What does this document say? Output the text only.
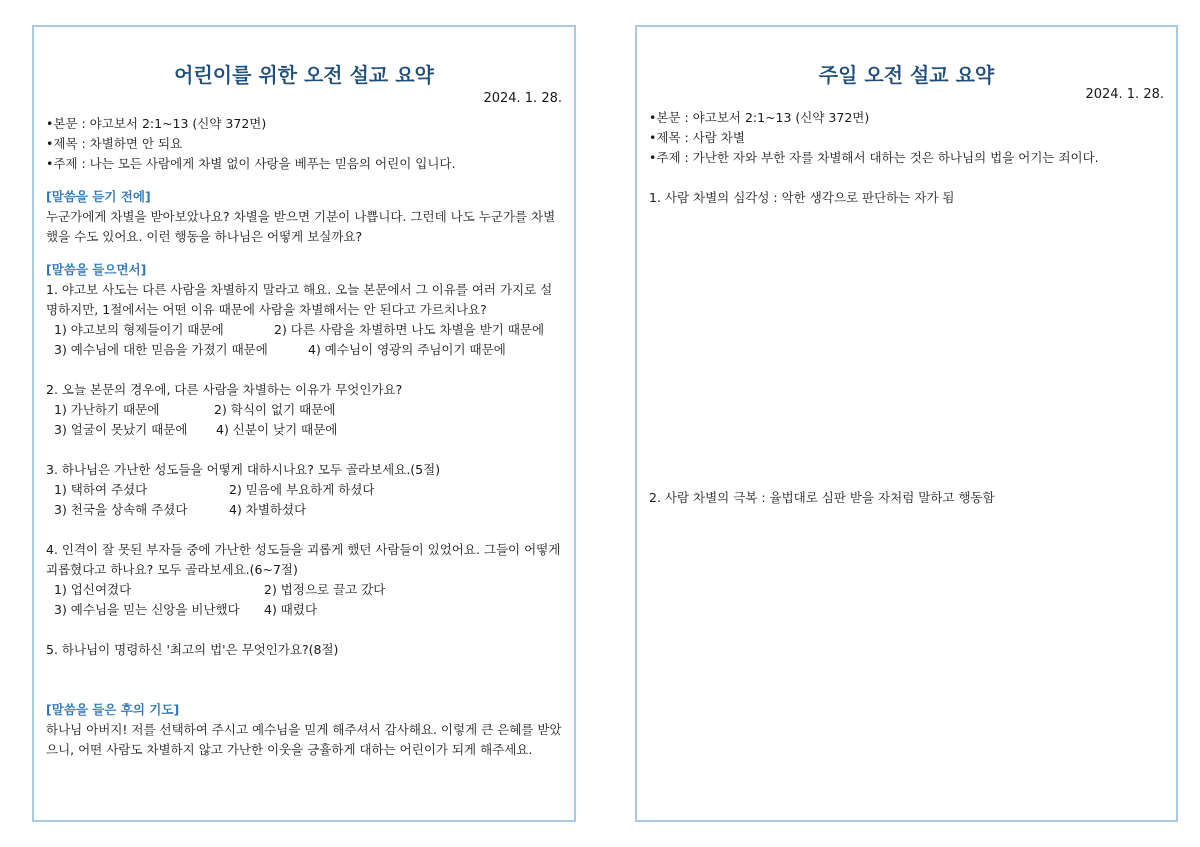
어린이를 위한 오전 설교 요약
2024. 1. 28.
•본문 : 야고보서 2:1~13 (신약 372면)
•제목 : 차별하면 안 되요
•주제 : 나는 모든 사람에게 차별 없이 사랑을 베푸는 믿음의 어린이 입니다.
[말씀을 듣기 전에]
누군가에게 차별을 받아보았나요? 차별을 받으면 기분이 나쁩니다. 그런데 나도 누군가를 차별했을 수도 있어요. 이런 행동을 하나님은 어떻게 보실까요?
[말씀을 들으면서]
1. 야고보 사도는 다른 사람을 차별하지 말라고 해요. 오늘 본문에서 그 이유를 여러 가지로 설명하지만, 1절에서는 어떤 이유 때문에 사람을 차별해서는 안 된다고 가르치나요?
1) 야고보의 형제들이기 때문에	2) 다른 사람을 차별하면 나도 차별을 받기 때문에
3) 예수님에 대한 믿음을 가졌기 때문에	4) 예수님이 영광의 주님이기 때문에
2. 오늘 본문의 경우에, 다른 사람을 차별하는 이유가 무엇인가요?
1) 가난하기 때문에	2) 학식이 없기 때문에
3) 얼굴이 못났기 때문에	4) 신분이 낮기 때문에
3. 하나님은 가난한 성도들을 어떻게 대하시나요? 모두 골라보세요.(5절)
1) 택하여 주셨다	2) 믿음에 부요하게 하셨다
3) 천국을 상속해 주셨다	4) 차별하셨다
4. 인격이 잘 못된 부자들 중에 가난한 성도들을 괴롭게 했던 사람들이 있었어요. 그들이 어떻게 괴롭혔다고 하나요? 모두 골라보세요.(6~7절)
1) 업신여겼다	2) 법정으로 끌고 갔다
3) 예수님을 믿는 신앙을 비난했다	4) 때렸다
5. 하나님이 명령하신 '최고의 법'은 무엇인가요?(8절)
[말씀을 들은 후의 기도]
하나님 아버지! 저를 선택하여 주시고 예수님을 믿게 해주셔서 감사해요. 이렇게 큰 은혜를 받았으니, 어떤 사람도 차별하지 않고 가난한 이웃을 긍휼하게 대하는 어린이가 되게 해주세요.
주일 오전 설교 요약
2024. 1. 28.
•본문 : 야고보서 2:1~13 (신약 372면)
•제목 : 사람 차별
•주제 : 가난한 자와 부한 자를 차별해서 대하는 것은 하나님의 법을 어기는 죄이다.
1. 사람 차별의 심각성 : 악한 생각으로 판단하는 자가 됨
2. 사람 차별의 극복 : 율법대로 심판 받을 자처럼 말하고 행동함
